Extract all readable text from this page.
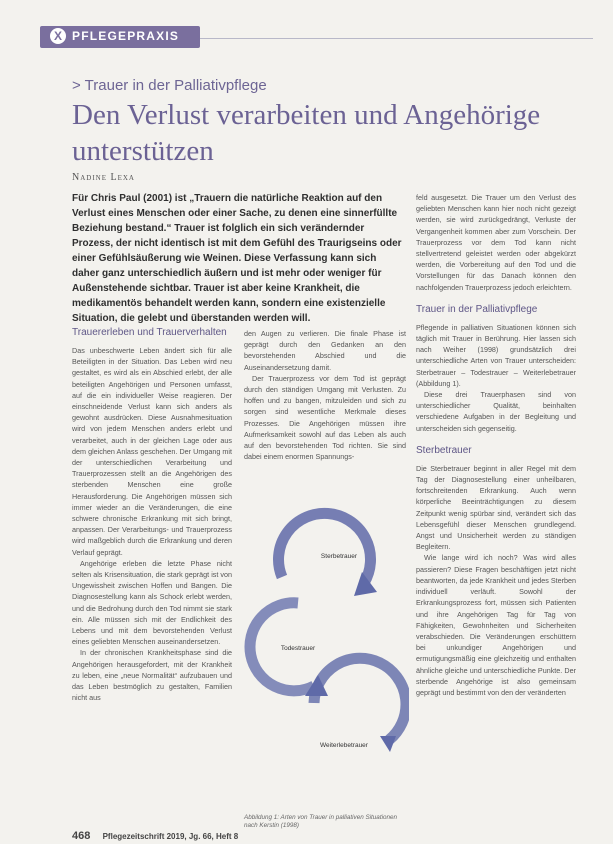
X PFLEGEPRAXIS
> Trauer in der Palliativpflege
Den Verlust verarbeiten und Angehörige unterstützen
Nadine Lexa

Für Chris Paul (2001) ist „Trauern die natürliche Reaktion auf den Verlust eines Menschen oder einer Sache, zu denen eine sinnerfüllte Beziehung bestand.“ Trauer ist folglich ein sich verändernder Prozess, der nicht identisch ist mit dem Gefühl des Traurigseins oder einer Gefühlsäußerung wie Weinen. Diese Verfassung kann sich daher ganz unterschiedlich äußern und ist mehr oder weniger für Außenstehende sichtbar. Trauer ist aber keine Krankheit, die medikamentös behandelt werden kann, sondern eine existenzielle Situation, die gelebt und überstanden werden will.

Trauererleben und Trauerverhalten

Das unbeschwerte Leben ändert sich für alle Beteiligten in der Situation. Das Leben wird neu gestaltet, es wird als ein Abschied erlebt, der alle beteiligten Angehörigen und Personen umfasst, auf die ein individueller Weise reagieren. Der einschneidende Verlust kann sich anders als gewohnt ausdrücken. Diese Ausnahmesituation wird von jedem Menschen anders erlebt und verarbeitet, auch in der gleichen Lage oder aus dem gleichen Anlass geschehen. Der Umgang mit der unterschiedlichen Verarbeitung und Trauerprozessen stellt an die Angehörigen des sterbenden Menschen eine große Herausforderung. Die Angehörigen müssen sich immer wieder an die Veränderungen, die eine schwere chronische Erkrankung mit sich bringt, anpassen. Der Verarbeitungs- und Trauerprozess wird maßgeblich durch die Erkrankung und deren Verlauf geprägt.

Angehörige erleben die letzte Phase nicht selten als Krisensituation, die stark geprägt ist von Ungewissheit zwischen Hoffen und Bangen. Die Diagnosestellung kann als Schock erlebt werden, und die Bedrohung durch den Tod nimmt sie stark ein. Alle müssen sich mit der Endlichkeit des Lebens und mit dem bevorstehenden Verlust eines geliebten Menschen auseinandersetzen.

In der chronischen Krankheitsphase sind die Angehörigen herausgefordert, mit der Krankheit zu leben, eine „neue Normalität“ aufzubauen und das Leben bestmöglich zu gestalten, Familien nicht aus

den Augen zu verlieren. Die finale Phase ist geprägt durch den Gedanken an den bevorstehenden Abschied und die Auseinandersetzung damit.

Der Trauerprozess vor dem Tod ist geprägt durch den ständigen Umgang mit Verlusten. Zu hoffen und zu bangen, mitzuleiden und sich zu sorgen sind wesentliche Merkmale dieses Prozesses. Die Angehörigen müssen ihre Aufmerksamkeit sowohl auf das Leben als auch auf den bevorstehenden Tod richten. Sie sind dabei einem enormen Spannungs-

Sterbetrauer
Todestrauer
Weiterlebetrauer
Abbildung 1: Arten von Trauer in palliativen Situationen nach Kerstin (1998)

feld ausgesetzt. Die Trauer um den Verlust des geliebten Menschen kann hier noch nicht gezeigt werden, sie wird zurückgedrängt, Verluste der Vergangenheit kommen aber zum Vorschein. Der Trauerprozess vor dem Tod kann nicht stellvertretend geleistet werden oder abgekürzt werden, die Vorbereitung auf den Tod und die Vorstellungen für das Danach können den nachfolgenden Trauerprozess jedoch erleichtern.

Trauer in der Palliativpflege

Pflegende in palliativen Situationen können sich täglich mit Trauer in Berührung. Hier lassen sich nach Weiher (1998) grundsätzlich drei unterschiedliche Arten von Trauer unterscheiden: Sterbetrauer – Todestrauer – Weiterlebetrauer (Abbildung 1).

Diese drei Trauerphasen sind von unterschiedlicher Qualität, beinhalten verschiedene Aufgaben in der Begleitung und unterscheiden sich gegenseitig.

Sterbetrauer

Die Sterbetrauer beginnt in aller Regel mit dem Tag der Diagnosestellung einer unheilbaren, fortschreitenden Erkrankung. Auch wenn körperliche Beeinträchtigungen zu diesem Zeitpunkt wenig spürbar sind, verändert sich das Lebensgefühl dieser Menschen grundlegend. Angst und Unsicherheit werden zu ständigen Begleitern.

Wie lange wird ich noch? Was wird alles passieren? Diese Fragen beschäftigen jetzt nicht beantworten, da jede Krankheit und jedes Sterben individuell verläuft. Sowohl der Erkrankungsprozess fort, müssen sich Patienten und ihre Angehörigen Tag für Tag von Fähigkeiten, Gewohnheiten und Sicherheiten verabschieden. Die Veränderungen erschüttern bei unkundiger Angehörigen und ermutigungsmäßig eine gleichzeitig und enthalten ähnliche gleiche und unterschiedliche Punkte. Der sterbende Angehörige ist also gemeinsam geprägt und bestimmt von den der veränderten

468 Pflegezeitschrift 2019, Jg. 66, Heft 8
